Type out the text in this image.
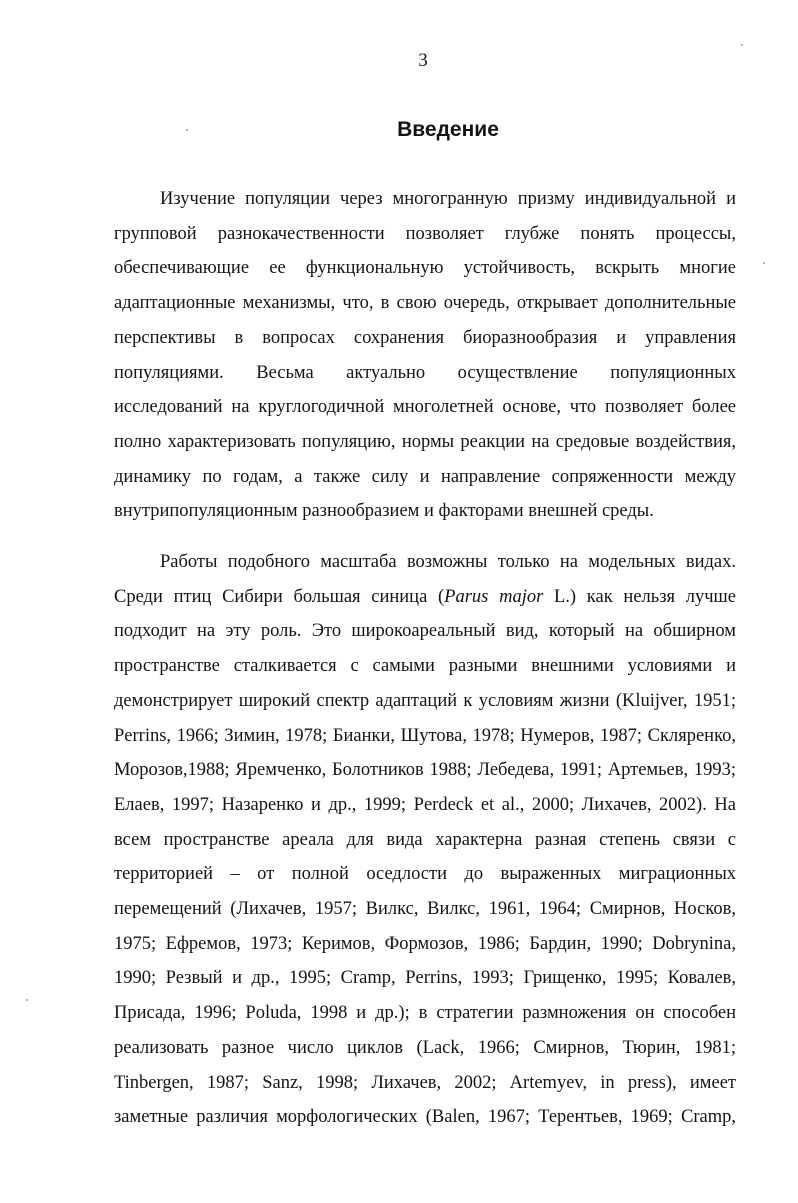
3
Введение

Изучение популяции через многогранную призму индивидуальной и групповой разнокачественности позволяет глубже понять процессы, обеспечивающие ее функциональную устойчивость, вскрыть многие адаптационные механизмы, что, в свою очередь, открывает дополнительные перспективы в вопросах сохранения биоразнообразия и управления популяциями. Весьма актуально осуществление популяционных исследований на круглогодичной многолетней основе, что позволяет более полно характеризовать популяцию, нормы реакции на средовые воздействия, динамику по годам, а также силу и направление сопряженности между внутрипопуляционным разнообразием и факторами внешней среды.

Работы подобного масштаба возможны только на модельных видах. Среди птиц Сибири большая синица (Parus major L.) как нельзя лучше подходит на эту роль. Это широкоареальный вид, который на обширном пространстве сталкивается с самыми разными внешними условиями и демонстрирует широкий спектр адаптаций к условиям жизни (Kluijver, 1951; Perrins, 1966; Зимин, 1978; Бианки, Шутова, 1978; Нумеров, 1987; Скляренко, Морозов,1988; Яремченко, Болотников 1988; Лебедева, 1991; Артемьев, 1993; Елаев, 1997; Назаренко и др., 1999; Perdeck et al., 2000; Лихачев, 2002). На всем пространстве ареала для вида характерна разная степень связи с территорией – от полной оседлости до выраженных миграционных перемещений (Лихачев, 1957; Вилкс, Вилкс, 1961, 1964; Смирнов, Носков, 1975; Ефремов, 1973; Керимов, Формозов, 1986; Бардин, 1990; Dobrynina, 1990; Резвый и др., 1995; Cramp, Perrins, 1993; Грищенко, 1995; Ковалев, Присада, 1996; Poluda, 1998 и др.); в стратегии размножения он способен реализовать разное число циклов (Lack, 1966; Смирнов, Тюрин, 1981; Tinbergen, 1987; Sanz, 1998; Лихачев, 2002; Artemyev, in press), имеет заметные различия морфологических (Balen, 1967; Терентьев, 1969; Cramp,
